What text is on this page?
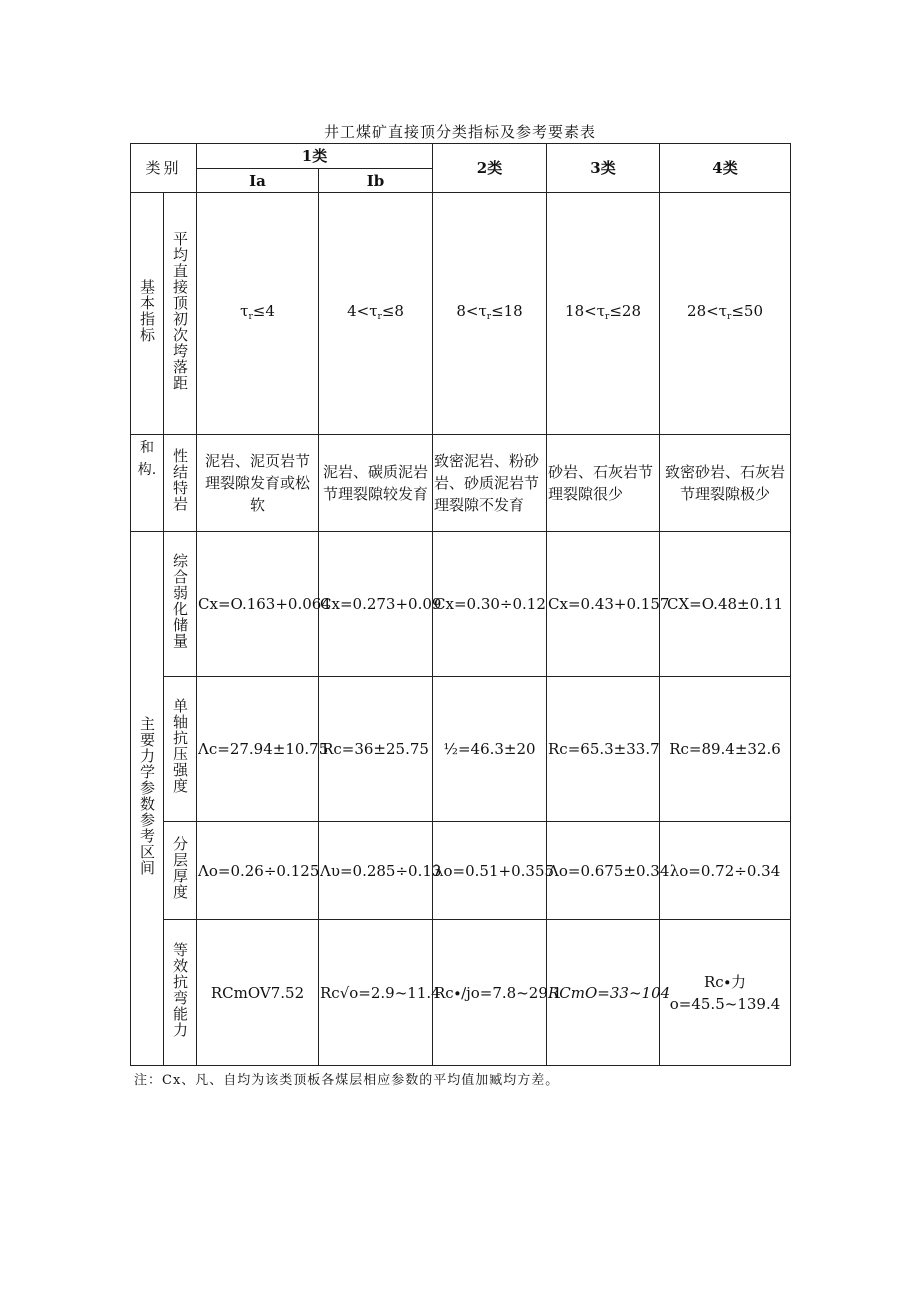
井工煤矿直接顶分类指标及参考要素表
类别		1类		2类	3类	4类
		Ia	Ib			
基本指标	平均直接顶初次垮落距	$\tau_r\le 4$	$4<\tau_r\le 8$	$8<\tau_r\le 18$	$18<\tau_r\le 28$	$28<\tau_r\le 50$
和构.	性结特岩	泥岩、泥页岩节理裂隙发育或松软	泥岩、碳质泥岩节理裂隙较发育	致密泥岩、粉砂岩、砂质泥岩节理裂隙不发育	砂岩、石灰岩节理裂隙很少	致密砂岩、石灰岩节理裂隙极少
主要力学参数参考区间	综合弱化储量	Cx=O.163+0.064	Cx=0.273+0.09	Cx=0.30÷0.12	Cx=0.43+0.157	CX=O.48±0.11
	单轴抗压强度	Λc=27.94±10.75	Rc=36±25.75	½=46.3±20	Rc=65.3±33.7	Rc=89.4±32.6
	分层厚度	Λo=0.26÷0.125	Λυ=0.285÷0.13	λo=0.51+0.355	Λo=0.675±0.34	λo=0.72÷0.34
	等效抗弯能力	RCmOV7.52	Rc√o=2.9~11.4	Rc∙∕jo=7.8~29.1	RCmO=33~104	Rc∙力 o=45.5~139.4
注：Cx、凡、自均为该类顶板各煤层相应参数的平均值加臧均方差。
